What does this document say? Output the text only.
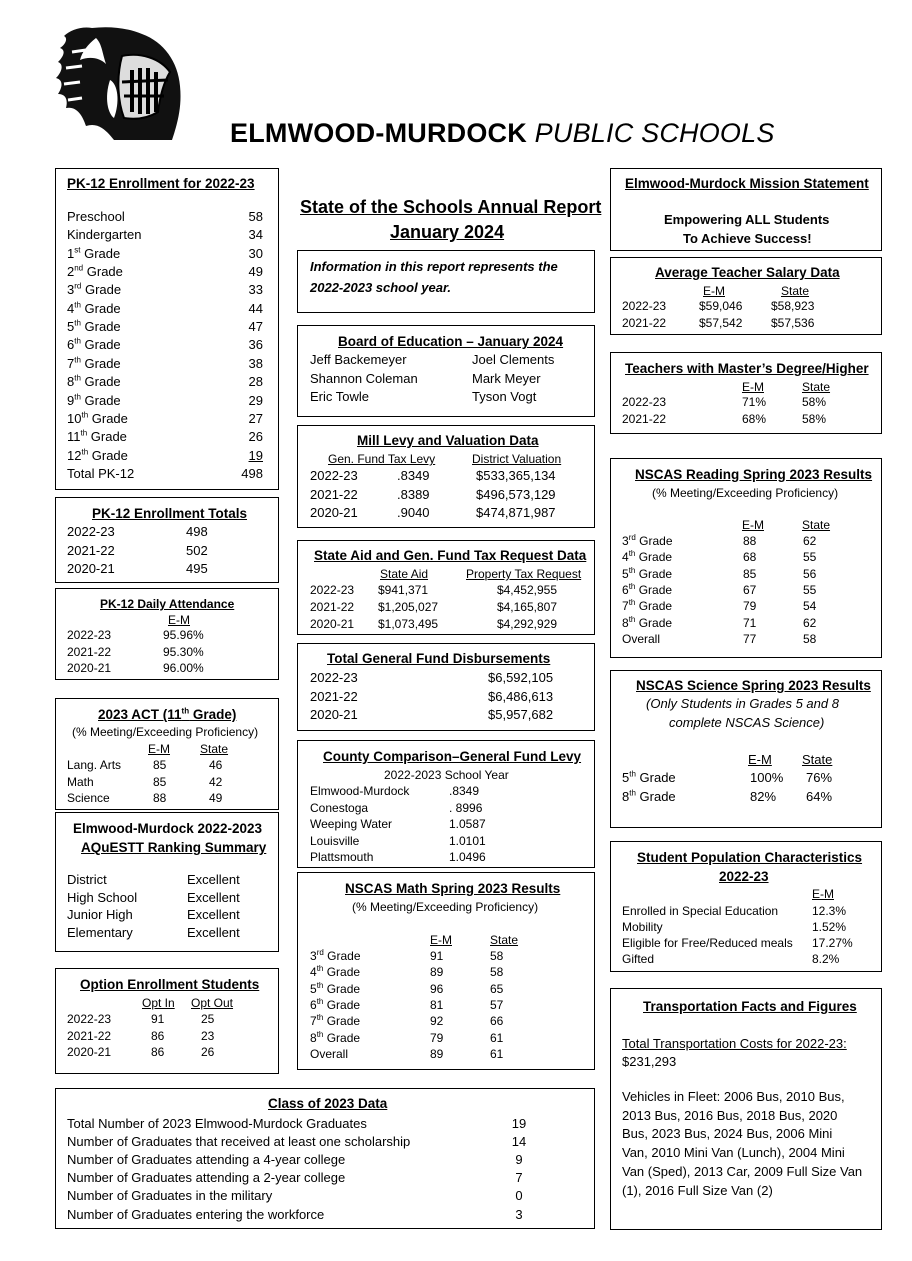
ELMWOOD-MURDOCK PUBLIC SCHOOLS
PK-12 Enrollment for 2022-23
Preschool	58
Kindergarten	34
1st Grade	30
2nd Grade	49
3rd Grade	33
4th Grade	44
5th Grade	47
6th Grade	36
7th Grade	38
8th Grade	28
9th Grade	29
10th Grade	27
11th Grade	26
12th Grade	19
Total PK-12	498
PK-12 Enrollment Totals
2022-23	498
2021-22	502
2020-21	495
PK-12 Daily Attendance
E-M
2022-23	95.96%
2021-22	95.30%
2020-21	96.00%
2023 ACT (11th Grade)
(% Meeting/Exceeding Proficiency)
E-M	State
Lang. Arts	85	46
Math	85	42
Science	88	49
Elmwood-Murdock 2022-2023
AQuESTT Ranking Summary
District	Excellent
High School	Excellent
Junior High	Excellent
Elementary	Excellent
Option Enrollment Students
Opt In Opt Out
2022-23	91	25
2021-22	86	23
2020-21	86	26
State of the Schools Annual Report
January 2024
Information in this report represents the
2022-2023 school year.
Board of Education – January 2024
Jeff Backemeyer	Joel Clements
Shannon Coleman	Mark Meyer
Eric Towle	Tyson Vogt
Mill Levy and Valuation Data
Gen. Fund Tax Levy	District Valuation
2022-23	.8349	$533,365,134
2021-22	.8389	$496,573,129
2020-21	.9040	$474,871,987
State Aid and Gen. Fund Tax Request Data
State Aid	Property Tax Request
2022-23 $941,371	$4,452,955
2021-22 $1,205,027	$4,165,807
2020-21 $1,073,495	$4,292,929
Total General Fund Disbursements
2022-23	$6,592,105
2021-22	$6,486,613
2020-21	$5,957,682
County Comparison–General Fund Levy
2022-2023 School Year
Elmwood-Murdock	.8349
Conestoga	. 8996
Weeping Water	1.0587
Louisville	1.0101
Plattsmouth	1.0496
NSCAS Math Spring 2023 Results
(% Meeting/Exceeding Proficiency)
E-M	State
3rd Grade	91	58
4th Grade	89	58
5th Grade	96	65
6th Grade	81	57
7th Grade	92	66
8th Grade	79	61
Overall	89	61
Elmwood-Murdock Mission Statement
Empowering ALL Students
To Achieve Success!
Average Teacher Salary Data
E-M	State
2022-23	$59,046 $58,923
2021-22	$57,542 $57,536
Teachers with Master’s Degree/Higher
E-M	State
2022-23	71%	58%
2021-22	68%	58%
NSCAS Reading Spring 2023 Results
(% Meeting/Exceeding Proficiency)
E-M	State
3rd Grade	88	62
4th Grade	68	55
5th Grade	85	56
6th Grade	67	55
7th Grade	79	54
8th Grade	71	62
Overall	77	58
NSCAS Science Spring 2023 Results
(Only Students in Grades 5 and 8
complete NSCAS Science)
E-M State
5th Grade	100% 76%
8th Grade	82% 64%
Student Population Characteristics
2022-23
E-M
Enrolled in Special Education	12.3%
Mobility	1.52%
Eligible for Free/Reduced meals 17.27%
Gifted	8.2%
Transportation Facts and Figures
Total Transportation Costs for 2022-23:
$231,293
Vehicles in Fleet: 2006 Bus, 2010 Bus,
2013 Bus, 2016 Bus, 2018 Bus, 2020
Bus, 2023 Bus, 2024 Bus, 2006 Mini
Van, 2010 Mini Van (Lunch), 2004 Mini
Van (Sped), 2013 Car, 2009 Full Size Van
(1), 2016 Full Size Van (2)
Class of 2023 Data
Total Number of 2023 Elmwood-Murdock Graduates	19
Number of Graduates that received at least one scholarship	14
Number of Graduates attending a 4-year college	9
Number of Graduates attending a 2-year college	7
Number of Graduates in the military	0
Number of Graduates entering the workforce	3
